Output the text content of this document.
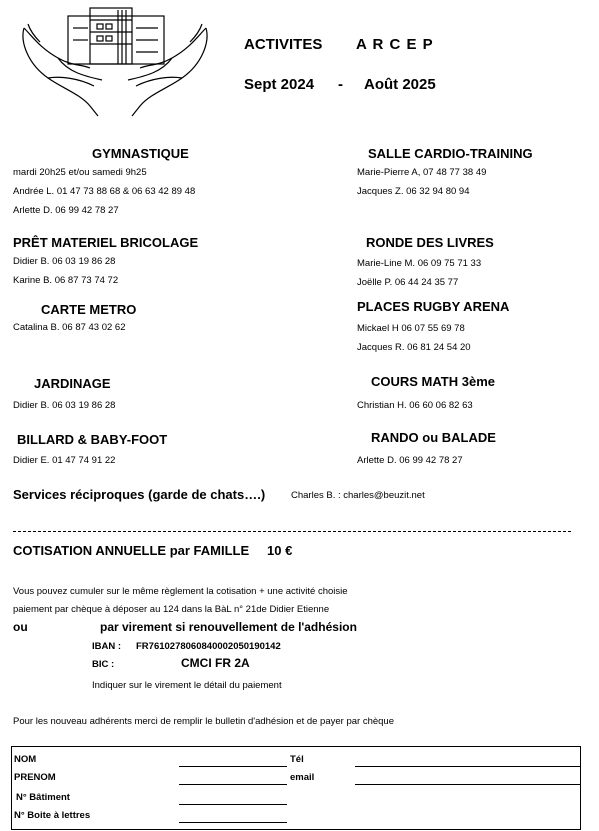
ACTIVITES A R C E P
Sept 2024 - Août 2025
GYMNASTIQUE
mardi 20h25 et/ou samedi 9h25
Andrée L. 01 47 73 88 68 & 06 63 42 89 48
Arlette D. 06 99 42 78 27
PRÊT MATERIEL BRICOLAGE
Didier B. 06 03 19 86 28
Karine B. 06 87 73 74 72
CARTE METRO
Catalina B. 06 87 43 02 62
JARDINAGE
Didier B. 06 03 19 86 28
BILLARD & BABY-FOOT
Didier E. 01 47 74 91 22
SALLE CARDIO-TRAINING
Marie-Pierre A, 07 48 77 38 49
Jacques Z. 06 32 94 80 94
RONDE DES LIVRES
Marie-Line M. 06 09 75 71 33
Joëlle P. 06 44 24 35 77
PLACES RUGBY ARENA
Mickael H 06 07 55 69 78
Jacques R. 06 81 24 54 20
COURS MATH 3ème
Christian H. 06 60 06 82 63
RANDO ou BALADE
Arlette D. 06 99 42 78 27
Services réciproques (garde de chats….)	Charles B. : charles@beuzit.net
COTISATION ANNUELLE par FAMILLE 10 €
Vous pouvez cumuler sur le même règlement la cotisation + une activité choisie
paiement par chèque à déposer au 124 dans la BàL n° 21de Didier Etienne
ou	par virement si renouvellement de l'adhésion
IBAN : FR7610278060840002050190142
BIC :	CMCI FR 2A
Indiquer sur le virement le détail du paiement
Pour les nouveau adhérents merci de remplir le bulletin d'adhésion et de payer par chèque
NOM	Tél
PRENOM	email
N° Bâtiment
N° Boite à lettres
